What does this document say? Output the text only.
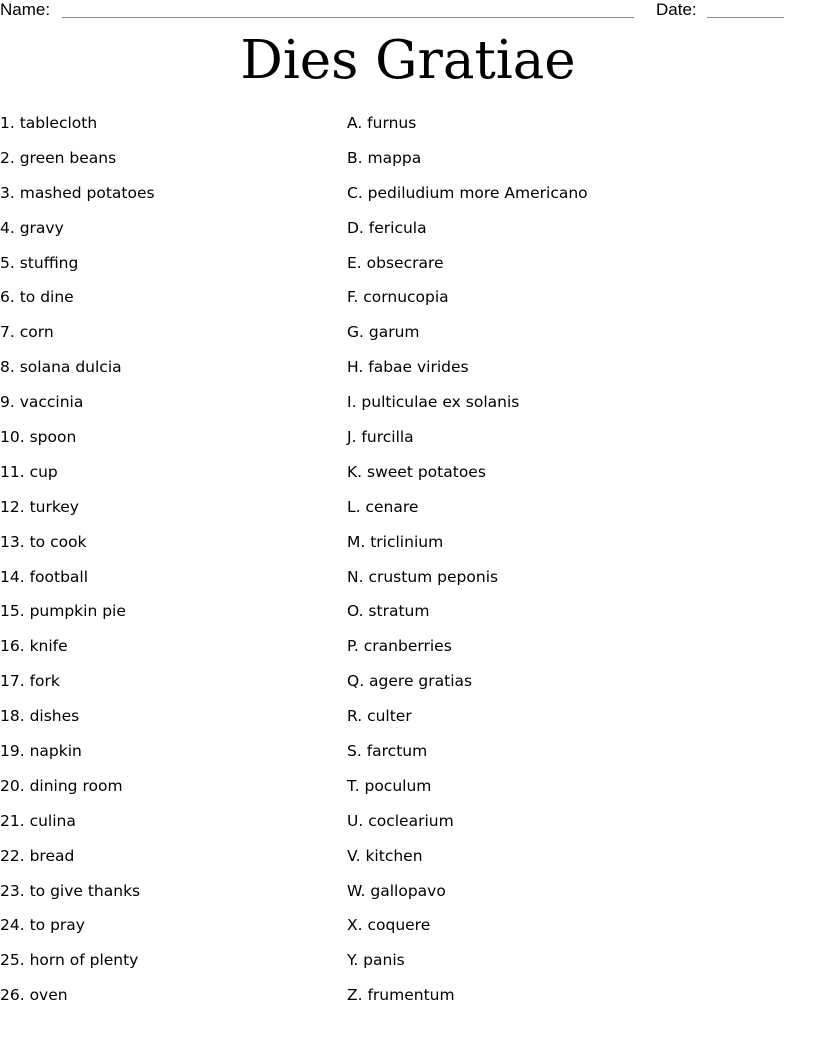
Name:	Date:
Dies Gratiae
1. tablecloth
2. green beans
3. mashed potatoes
4. gravy
5. stuffing
6. to dine
7. corn
8. solana dulcia
9. vaccinia
10. spoon
11. cup
12. turkey
13. to cook
14. football
15. pumpkin pie
16. knife
17. fork
18. dishes
19. napkin
20. dining room
21. culina
22. bread
23. to give thanks
24. to pray
25. horn of plenty
26. oven
A. furnus
B. mappa
C. pediludium more Americano
D. fericula
E. obsecrare
F. cornucopia
G. garum
H. fabae virides
I. pulticulae ex solanis
J. furcilla
K. sweet potatoes
L. cenare
M. triclinium
N. crustum peponis
O. stratum
P. cranberries
Q. agere gratias
R. culter
S. farctum
T. poculum
U. coclearium
V. kitchen
W. gallopavo
X. coquere
Y. panis
Z. frumentum
